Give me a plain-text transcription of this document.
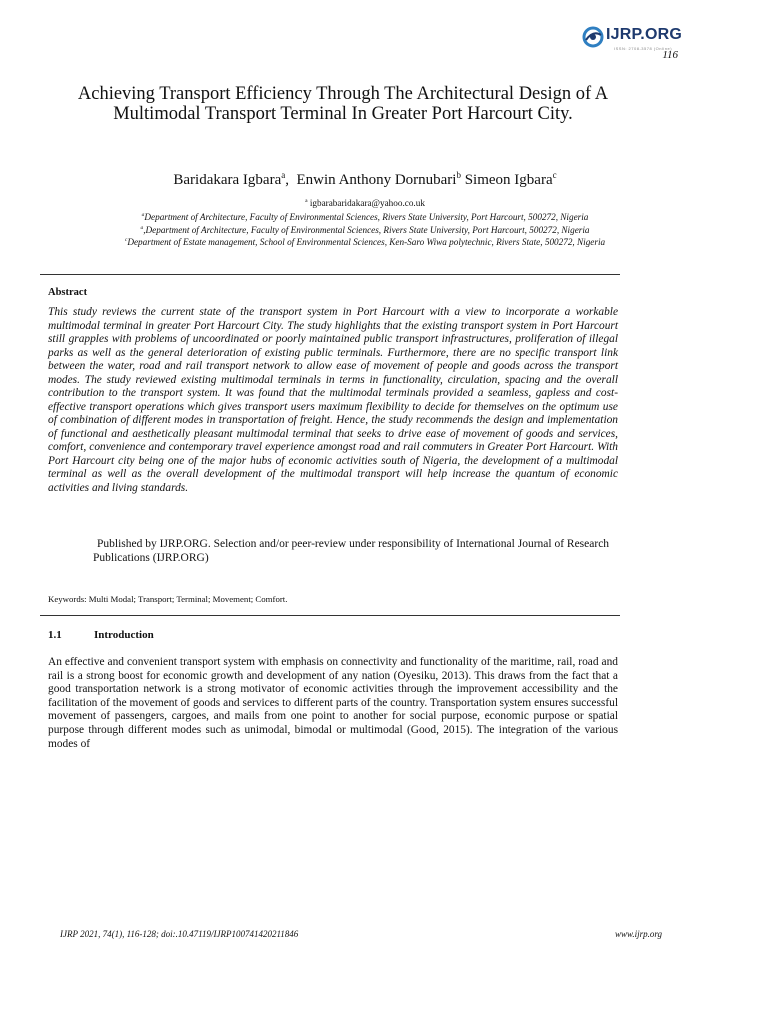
IJRP.ORG
ISSN: 2708-3578 (Online)
116
Achieving Transport Efficiency Through The Architectural Design of A Multimodal Transport Terminal In Greater Port Harcourt City.
Baridakara Igbara$^a$,  Enwin Anthony Dornubari$^b$ Simeon Igbara$^c$
$^a$ igbarabaridakara@yahoo.co.uk
$^a$Department of Architecture, Faculty of Environmental Sciences, Rivers State University, Port Harcourt, 500272, Nigeria
$^a$,Department of Architecture, Faculty of Environmental Sciences, Rivers State University, Port Harcourt, 500272, Nigeria
$^c$Department of Estate management, School of Environmental Sciences, Ken-Saro Wiwa polytechnic, Rivers State, 500272, Nigeria
Abstract
This study reviews the current state of the transport system in Port Harcourt with a view to incorporate a workable multimodal terminal in greater Port Harcourt City. The study highlights that the existing transport system in Port Harcourt still grapples with problems of uncoordinated or poorly maintained public transport infrastructures, proliferation of illegal parks as well as the general deterioration of existing public terminals. Furthermore, there are no specific transport link between the water, road and rail transport network to allow ease of movement of people and goods across the transport modes. The study reviewed existing multimodal terminals in terms in functionality, circulation, spacing and the overall contribution to the transport system. It was found that the multimodal terminals provided a seamless, gapless and cost-effective transport operations which gives transport users maximum flexibility to decide for themselves on the optimum use of combination of different modes in transportation of freight. Hence, the study recommends the design and implementation of functional and aesthetically pleasant multimodal terminal that seeks to drive ease of movement of goods and services, comfort, convenience and contemporary travel experience amongst road and rail commuters in Greater Port Harcourt. With Port Harcourt city being one of the major hubs of economic activities south of Nigeria, the development of a multimodal terminal as well as the overall development of the multimodal transport will help increase the quantum of economic activities and living standards.
Published by IJRP.ORG. Selection and/or peer-review under responsibility of International Journal of Research Publications (IJRP.ORG)
Keywords: Multi Modal; Transport; Terminal; Movement; Comfort.
1.1	Introduction
An effective and convenient transport system with emphasis on connectivity and functionality of the maritime, rail, road and rail is a strong boost for economic growth and development of any nation (Oyesiku, 2013). This draws from the fact that a good transportation network is a strong motivator of economic activities through the improvement accessibility and the facilitation of the movement of goods and services to different parts of the country. Transportation system ensures successful movement of passengers, cargoes, and mails from one point to another for social purpose, economic purpose or spatial purpose through different modes such as unimodal, bimodal or multimodal (Good, 2015). The integration of the various modes of
IJRP 2021, 74(1), 116-128; doi:.10.47119/IJRP100741420211846	www.ijrp.org
